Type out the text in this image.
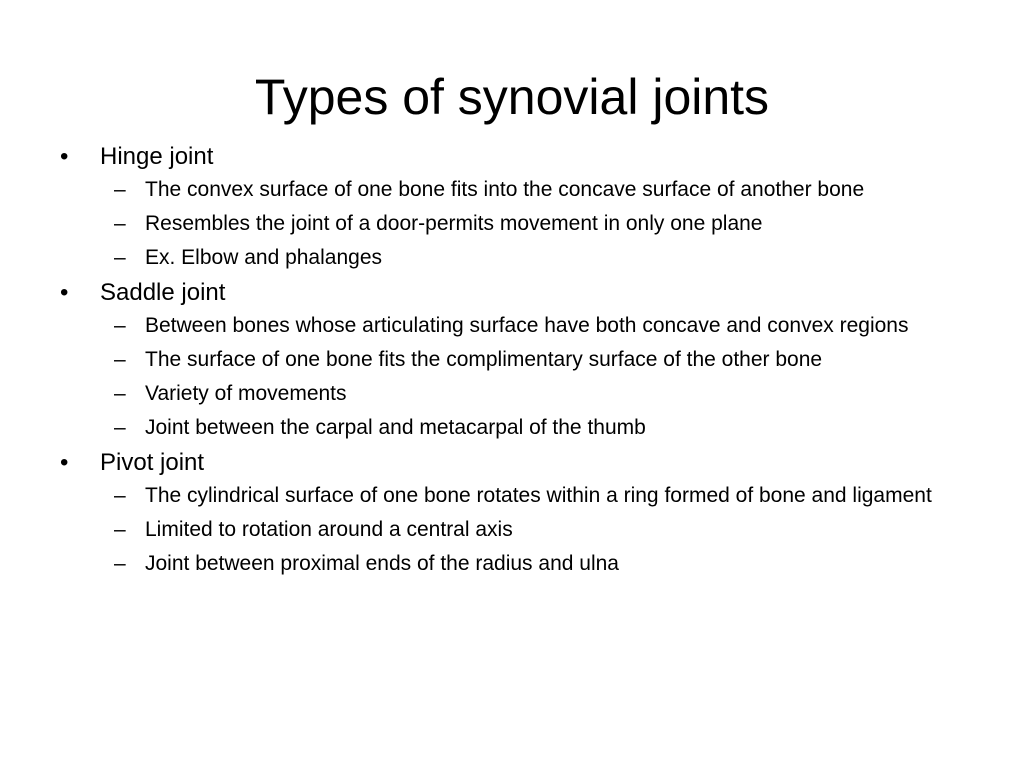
Types of synovial joints
• Hinge joint
– The convex surface of one bone fits into the concave surface of another bone
– Resembles the joint of a door-permits movement in only one plane
– Ex. Elbow and phalanges
• Saddle joint
– Between bones whose articulating surface have both concave and convex regions
– The surface of one bone fits the complimentary surface of the other bone
– Variety of movements
– Joint between the carpal and metacarpal of the thumb
• Pivot joint
– The cylindrical surface of one bone rotates within a ring formed of bone and ligament
– Limited to rotation around a central axis
– Joint between proximal ends of the radius and ulna
